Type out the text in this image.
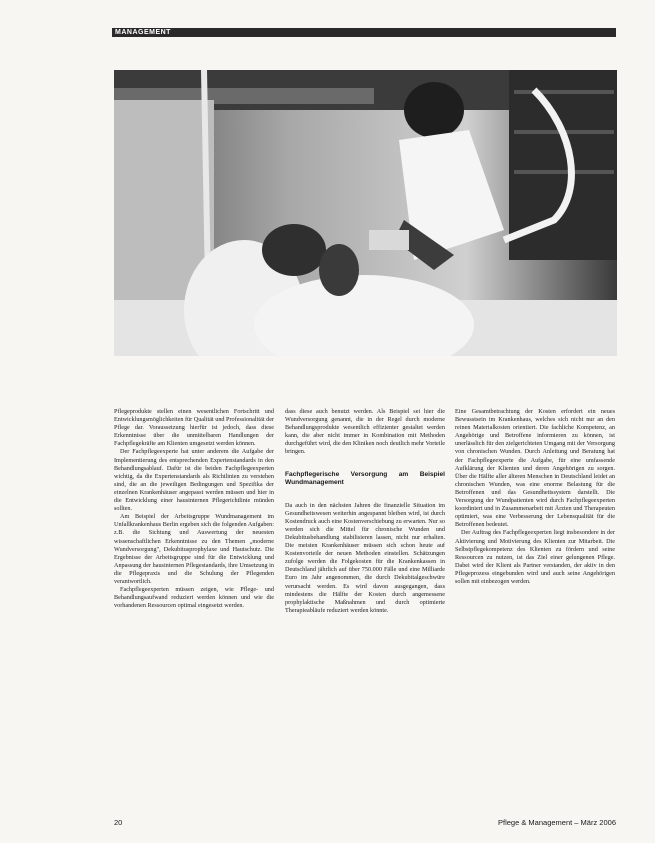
MANAGEMENT

Pflegeprodukte stellen einen wesentlichen Fortschritt und Entwicklungsmöglichkeiten für Qualität und Professionalität der Pflege dar. Voraussetzung hierfür ist jedoch, dass diese Erkenntnisse über die unmittelbaren Handlungen der Fachpflegekräfte am Klienten umgesetzt werden können.

Der Fachpflegeexperte hat unter anderem die Aufgabe der Implementierung des entsprechenden Expertenstandards in den Behandlungsablauf. Dafür ist die beiden Fachpflegeexperten wichtig, da die Expertenstandards als Richtlinien zu verstehen sind, die an die jeweiligen Bedingungen und Spezifika der einzelnen Krankenhäuser angepasst werden müssen und hier in die Entwicklung einer hausinternen Pflegerichtlinie münden sollten.

Am Beispiel der Arbeitsgruppe Wundmanagement im Unfallkrankenhaus Berlin ergeben sich die folgenden Aufgaben: z.B. die Sichtung und Auswertung der neuesten wissenschaftlichen Erkenntnisse zu den Themen „moderne Wundversorgung", Dekubitusprophylaxe und Hautschutz. Die Ergebnisse der Arbeitsgruppe sind für die Entwicklung und Anpassung der hausinternen Pflegestandards, ihre Umsetzung in die Pflegepraxis und die Schulung der Pflegenden verantwortlich.

Fachpflegeexperten müssen zeigen, wie Pflege- und Behandlungsaufwand reduziert werden können und wie die vorhandenen Ressourcen optimal eingesetzt werden.

dass diese auch benutzt werden. Als Beispiel sei hier die Wundversorgung genannt, die in der Regel durch moderne Behandlungsprodukte wesentlich effizienter gestaltet werden kann, die aber nicht immer in Kombination mit Methoden durchgeführt wird, die den Kliniken noch deutlich mehr Vorteile bringen.

Fachpflegerische Versorgung am Beispiel Wundmanagement

Da auch in den nächsten Jahren die finanzielle Situation im Gesundheitswesen weiterhin angespannt bleiben wird, ist durch Kostendruck auch eine Kostenverschiebung zu erwarten. Nur so werden sich die Mittel für chronische Wunden und Dekubitusbehandlung stabilisieren lassen, nicht nur erhalten. Die meisten Krankenhäuser müssen sich schon heute auf Kostenvorteile der neuen Methoden einstellen. Schätzungen zufolge werden die Folgekosten für die Krankenkassen in Deutschland jährlich auf über 750.000 Fälle und eine Milliarde Euro im Jahr angenommen, die durch Dekubitalgeschwüre verursacht werden. Es wird davon ausgegangen, dass mindestens die Hälfte der Kosten durch angemessene prophylaktische Maßnahmen und durch optimierte Therapieabläufe reduziert werden könnte.

Eine Gesamtbetrachtung der Kosten erfordert ein neues Bewusstsein im Krankenhaus, welches sich nicht nur an den reinen Materialkosten orientiert. Die fachliche Kompetenz, an Angehörige und Betroffene informieren zu können, ist unerlässlich für den zielgerichteten Umgang mit der Versorgung von chronischen Wunden. Durch Anleitung und Beratung hat der Fachpflegeexperte die Aufgabe, für eine umfassende Aufklärung der Klienten und deren Angehörigen zu sorgen. Über die Hälfte aller älteren Menschen in Deutschland leidet an chronischen Wunden, was eine enorme Belastung für die Betroffenen und das Gesundheitssystem darstellt. Die Versorgung der Wundpatienten wird durch Fachpflegeexperten koordiniert und in Zusammenarbeit mit Ärzten und Therapeuten optimiert, was eine Verbesserung der Lebensqualität für die Betroffenen bedeutet.

Der Auftrag des Fachpflegeexperten liegt insbesondere in der Aktivierung und Motivierung des Klienten zur Mitarbeit. Die Selbstpflegekompetenz des Klienten zu fördern und seine Ressourcen zu nutzen, ist das Ziel einer gelungenen Pflege. Dabei wird der Klient als Partner verstanden, der aktiv in den Pflegeprozess eingebunden wird und auch seine Angehörigen sollen mit einbezogen werden.

20	Pflege & Management – März 2006
